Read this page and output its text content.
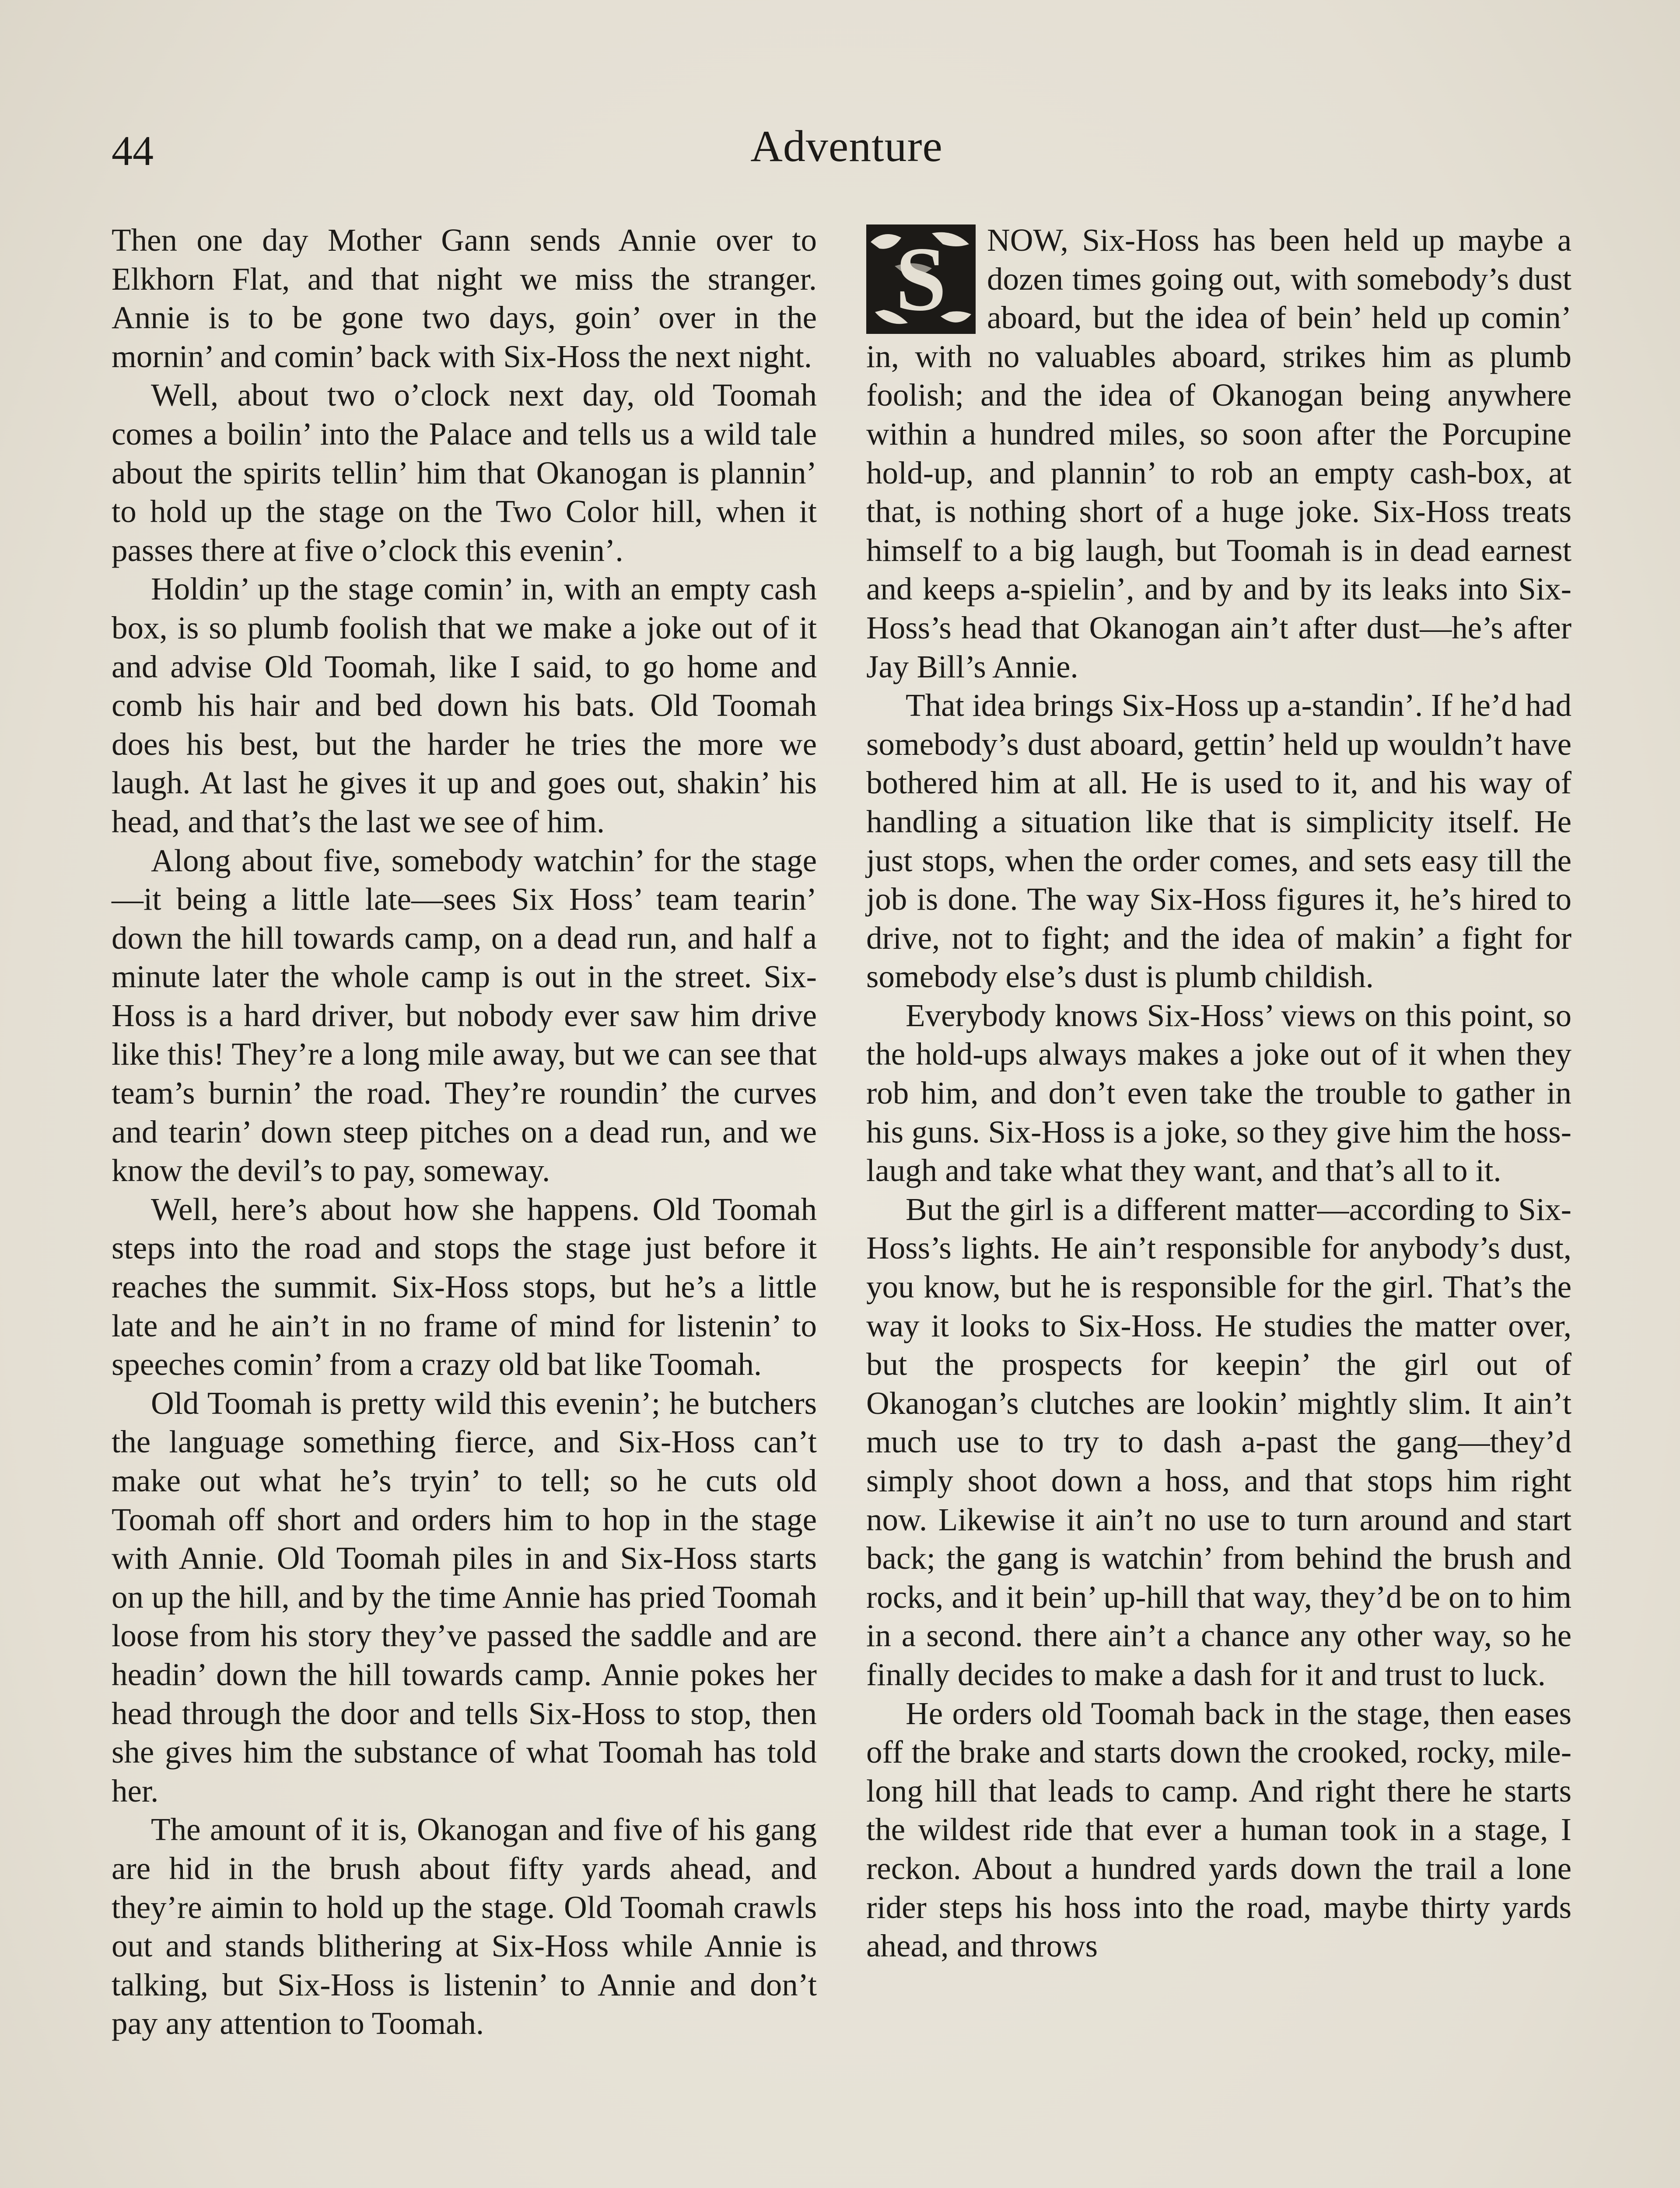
44	Adventure

Then one day Mother Gann sends Annie over to Elkhorn Flat, and that night we miss the stranger. Annie is to be gone two days, goin’ over in the mornin’ and comin’ back with Six-Hoss the next night.

Well, about two o’clock next day, old Toomah comes a boilin’ into the Palace and tells us a wild tale about the spirits tellin’ him that Okanogan is plannin’ to hold up the stage on the Two Color hill, when it passes there at five o’clock this evenin’.

Holdin’ up the stage comin’ in, with an empty cash box, is so plumb foolish that we make a joke out of it and advise Old Toomah, like I said, to go home and comb his hair and bed down his bats. Old Toomah does his best, but the harder he tries the more we laugh. At last he gives it up and goes out, shakin’ his head, and that’s the last we see of him.

Along about five, somebody watchin’ for the stage—it being a little late—sees Six Hoss’ team tearin’ down the hill towards camp, on a dead run, and half a minute later the whole camp is out in the street. Six-Hoss is a hard driver, but nobody ever saw him drive like this! They’re a long mile away, but we can see that team’s burnin’ the road. They’re roundin’ the curves and tearin’ down steep pitches on a dead run, and we know the devil’s to pay, someway.

Well, here’s about how she happens. Old Toomah steps into the road and stops the stage just before it reaches the summit. Six-Hoss stops, but he’s a little late and he ain’t in no frame of mind for listenin’ to speeches comin’ from a crazy old bat like Toomah.

Old Toomah is pretty wild this evenin’; he butchers the language something fierce, and Six-Hoss can’t make out what he’s tryin’ to tell; so he cuts old Toomah off short and orders him to hop in the stage with Annie. Old Toomah piles in and Six-Hoss starts on up the hill, and by the time Annie has pried Toomah loose from his story they’ve passed the saddle and are headin’ down the hill towards camp. Annie pokes her head through the door and tells Six-Hoss to stop, then she gives him the substance of what Toomah has told her.

The amount of it is, Okanogan and five of his gang are hid in the brush about fifty yards ahead, and they’re aimin to hold up the stage. Old Toomah crawls out and stands blithering at Six-Hoss while Annie is talking, but Six-Hoss is listenin’ to Annie and don’t pay any attention to Toomah.

S NOW, Six-Hoss has been held up maybe a dozen times going out, with somebody’s dust aboard, but the idea of bein’ held up comin’ in, with no valuables aboard, strikes him as plumb foolish; and the idea of Okanogan being anywhere within a hundred miles, so soon after the Porcupine hold-up, and plannin’ to rob an empty cash-box, at that, is nothing short of a huge joke. Six-Hoss treats himself to a big laugh, but Toomah is in dead earnest and keeps a-spielin’, and by and by its leaks into Six-Hoss’s head that Okanogan ain’t after dust—he’s after Jay Bill’s Annie.

That idea brings Six-Hoss up a-standin’. If he’d had somebody’s dust aboard, gettin’ held up wouldn’t have bothered him at all. He is used to it, and his way of handling a situation like that is simplicity itself. He just stops, when the order comes, and sets easy till the job is done. The way Six-Hoss figures it, he’s hired to drive, not to fight; and the idea of makin’ a fight for somebody else’s dust is plumb childish.

Everybody knows Six-Hoss’ views on this point, so the hold-ups always makes a joke out of it when they rob him, and don’t even take the trouble to gather in his guns. Six-Hoss is a joke, so they give him the hoss-laugh and take what they want, and that’s all to it.

But the girl is a different matter—according to Six-Hoss’s lights. He ain’t responsible for anybody’s dust, you know, but he is responsible for the girl. That’s the way it looks to Six-Hoss. He studies the matter over, but the prospects for keepin’ the girl out of Okanogan’s clutches are lookin’ mightly slim. It ain’t much use to try to dash a-past the gang—they’d simply shoot down a hoss, and that stops him right now. Likewise it ain’t no use to turn around and start back; the gang is watchin’ from behind the brush and rocks, and it bein’ up-hill that way, they’d be on to him in a second. there ain’t a chance any other way, so he finally decides to make a dash for it and trust to luck.

He orders old Toomah back in the stage, then eases off the brake and starts down the crooked, rocky, mile-long hill that leads to camp. And right there he starts the wildest ride that ever a human took in a stage, I reckon. About a hundred yards down the trail a lone rider steps his hoss into the road, maybe thirty yards ahead, and throws
